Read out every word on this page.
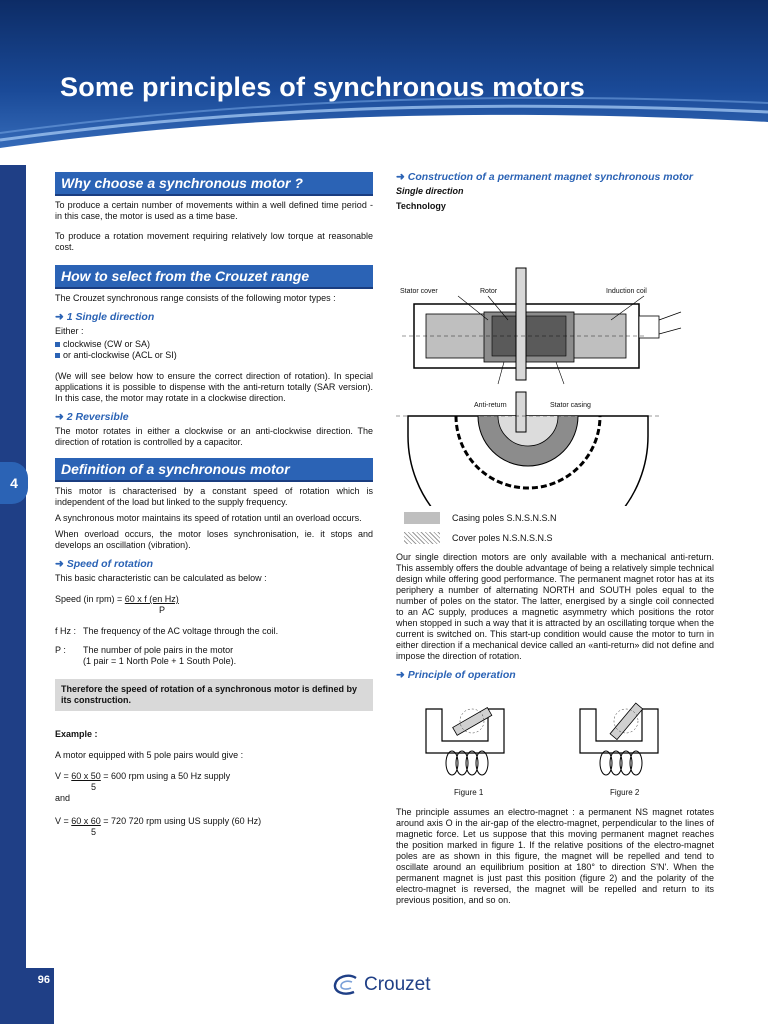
Some principles of synchronous motors
4
96
Why choose a synchronous motor ?

To produce a certain number of movements within a well defined time period - in this case, the motor is used as a time base.

To produce a rotation movement requiring relatively low torque at reasonable cost.

How to select from the Crouzet range

The Crouzet synchronous range consists of the following motor types :

➜ 1 Single direction

Either :

clockwise (CW or SA)
or anti-clockwise (ACL or SI)

(We will see below how to ensure the correct direction of rotation). In special applications it is possible to dispense with the anti-return totally (SAR version). In this case, the motor may rotate in a clockwise direction.

➜ 2 Reversible

The motor rotates in either a clockwise or an anti-clockwise direction. The direction of rotation is controlled by a capacitor.

Definition of a synchronous motor

This motor is characterised by a constant speed of rotation which is independent of the load but linked to the supply frequency.

A synchronous motor maintains its speed of rotation until an overload occurs.

When overload occurs, the motor loses synchronisation, ie. it stops and develops an oscillation (vibration).

➜ Speed of rotation

This basic characteristic can be calculated as below :

Speed (in rpm) = 60 x f (en Hz)
P
f Hz : The frequency of the AC voltage through the coil.
P :	The number of pole pairs in the motor
(1 pair = 1 North Pole + 1 South Pole).
Therefore the speed of rotation of a synchronous motor is defined by its construction.

Example :

A motor equipped with 5 pole pairs would give :

V = 60 x 50 = 600 rpm using a 50 Hz supply
5
and
V = 60 x 60 = 720 720 rpm using US supply (60 Hz)
5
➜ Construction of a permanent magnet synchronous motor
Single direction
Technology
Stator cover	Rotor	Induction coil
Anti-return	Stator casing
Casing poles S.N.S.N.S.N
Cover poles N.S.N.S.N.S

Our single direction motors are only available with a mechanical anti-return. This assembly offers the double advantage of being a relatively simple technical design while offering good performance. The permanent magnet rotor has at its periphery a number of alternating NORTH and SOUTH poles equal to the number of poles on the stator. The latter, energised by a single coil connected to an AC supply, produces a magnetic asymmetry which positions the rotor when stopped in such a way that it is attracted by an oscillating torque when the current is switched on. This start-up condition would cause the motor to turn in either direction if a mechanical device called an «anti-return» did not define and impose the direction of rotation.

➜ Principle of operation
Figure 1	Figure 2

The principle assumes an electro-magnet : a permanent NS magnet rotates around axis O in the air-gap of the electro-magnet, perpendicular to the lines of magnetic force. Let us suppose that this moving permanent magnet reaches the position marked in figure 1. If the relative positions of the electro-magnet poles are as shown in this figure, the magnet will be repelled and tend to oscillate around an equilibrium position at 180° to direction S'N'. When the permanent magnet is just past this position (figure 2) and the polarity of the electro-magnet is reversed, the magnet will be repelled and return to its previous position, and so on.

Crouzet
